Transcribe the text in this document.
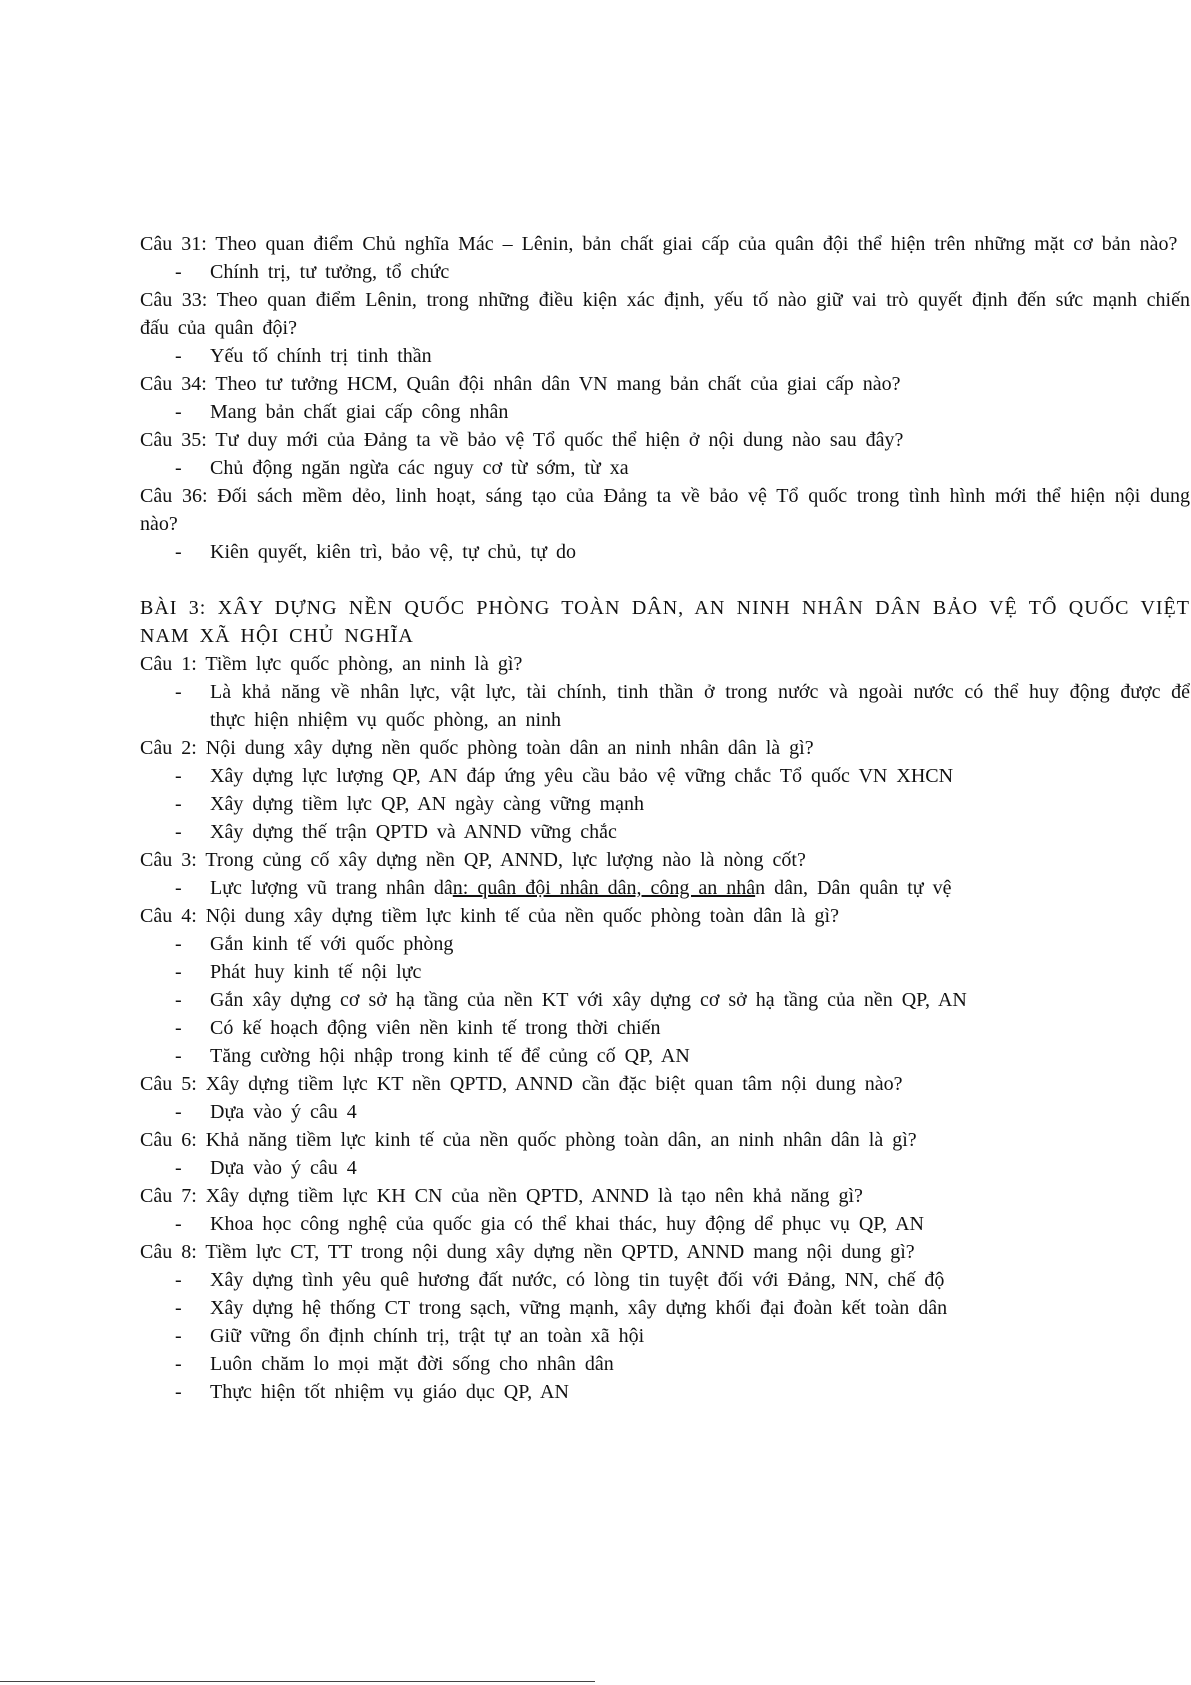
Câu 31: Theo quan điểm Chủ nghĩa Mác – Lênin, bản chất giai cấp của quân đội thể hiện trên những mặt cơ bản nào?

- Chính trị, tư tưởng, tổ chức

Câu 33: Theo quan điểm Lênin, trong những điều kiện xác định, yếu tố nào giữ vai trò quyết định đến sức mạnh chiến đấu của quân đội?

- Yếu tố chính trị tinh thần

Câu 34: Theo tư tưởng HCM, Quân đội nhân dân VN mang bản chất của giai cấp nào?

- Mang bản chất giai cấp công nhân

Câu 35: Tư duy mới của Đảng ta về bảo vệ Tổ quốc thể hiện ở nội dung nào sau đây?

- Chủ động ngăn ngừa các nguy cơ từ sớm, từ xa

Câu 36: Đối sách mềm dẻo, linh hoạt, sáng tạo của Đảng ta về bảo vệ Tổ quốc trong tình hình mới thể hiện nội dung nào?

- Kiên quyết, kiên trì, bảo vệ, tự chủ, tự do

BÀI 3: XÂY DỰNG NỀN QUỐC PHÒNG TOÀN DÂN, AN NINH NHÂN DÂN BẢO VỆ TỔ QUỐC VIỆT NAM XÃ HỘI CHỦ NGHĨA

Câu 1: Tiềm lực quốc phòng, an ninh là gì?

- Là khả năng về nhân lực, vật lực, tài chính, tinh thần ở trong nước và ngoài nước có thể huy động được để thực hiện nhiệm vụ quốc phòng, an ninh

Câu 2: Nội dung xây dựng nền quốc phòng toàn dân an ninh nhân dân là gì?

- Xây dựng lực lượng QP, AN đáp ứng yêu cầu bảo vệ vững chắc Tổ quốc VN XHCN
- Xây dựng tiềm lực QP, AN ngày càng vững mạnh
- Xây dựng thế trận QPTD và ANND vững chắc

Câu 3: Trong củng cố xây dựng nền QP, ANND, lực lượng nào là nòng cốt?

- Lực lượng vũ trang nhân dân: quân đội nhân dân, công an nhân dân, Dân quân tự vệ

Câu 4: Nội dung xây dựng tiềm lực kinh tế của nền quốc phòng toàn dân là gì?

- Gắn kinh tế với quốc phòng
- Phát huy kinh tế nội lực
- Gắn xây dựng cơ sở hạ tầng của nền KT với xây dựng cơ sở hạ tầng của nền QP, AN
- Có kế hoạch động viên nền kinh tế trong thời chiến
- Tăng cường hội nhập trong kinh tế để củng cố QP, AN

Câu 5: Xây dựng tiềm lực KT nền QPTD, ANND cần đặc biệt quan tâm nội dung nào?

- Dựa vào ý câu 4

Câu 6: Khả năng tiềm lực kinh tế của nền quốc phòng toàn dân, an ninh nhân dân là gì?

- Dựa vào ý câu 4

Câu 7: Xây dựng tiềm lực KH CN của nền QPTD, ANND là tạo nên khả năng gì?

- Khoa học công nghệ của quốc gia có thể khai thác, huy động dể phục vụ QP, AN

Câu 8: Tiềm lực CT, TT trong nội dung xây dựng nền QPTD, ANND mang nội dung gì?

- Xây dựng tình yêu quê hương đất nước, có lòng tin tuyệt đối với Đảng, NN, chế độ
- Xây dựng hệ thống CT trong sạch, vững mạnh, xây dựng khối đại đoàn kết toàn dân
- Giữ vững ổn định chính trị, trật tự an toàn xã hội
- Luôn chăm lo mọi mặt đời sống cho nhân dân
- Thực hiện tốt nhiệm vụ giáo dục QP, AN
